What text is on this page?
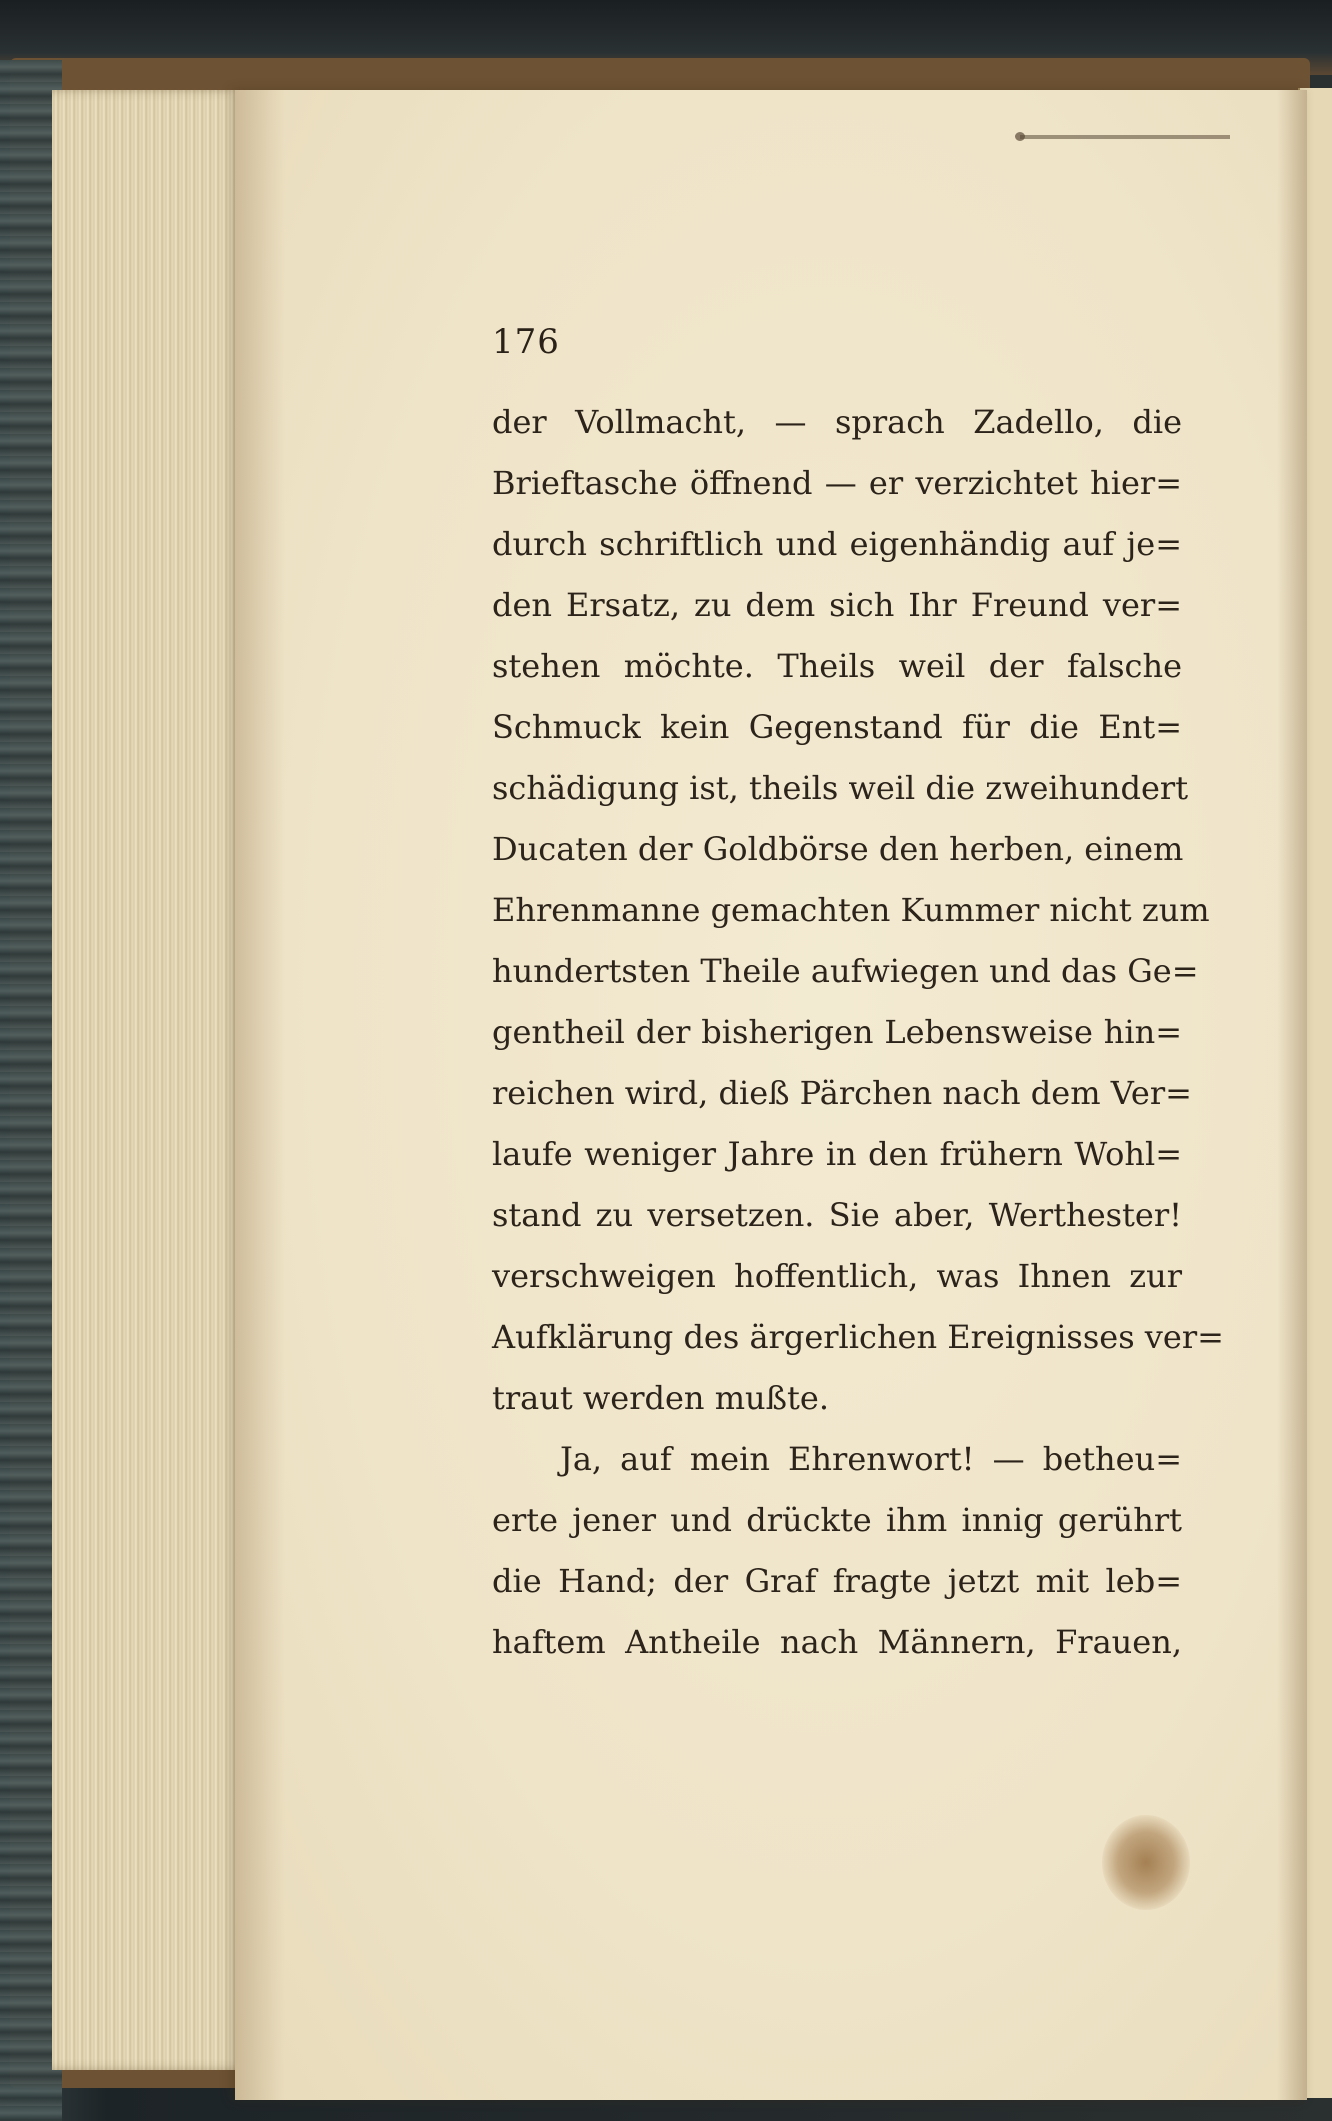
176
der Vollmacht, — sprach Zadello, die
Brieftasche öffnend — er verzichtet hier=
durch schriftlich und eigenhändig auf je=
den Ersatz, zu dem sich Ihr Freund ver=
stehen möchte. Theils weil der falsche
Schmuck kein Gegenstand für die Ent=
schädigung ist, theils weil die zweihundert
Ducaten der Goldbörse den herben, einem
Ehrenmanne gemachten Kummer nicht zum
hundertsten Theile aufwiegen und das Ge=
gentheil der bisherigen Lebensweise hin=
reichen wird, dieß Pärchen nach dem Ver=
laufe weniger Jahre in den frühern Wohl=
stand zu versetzen. Sie aber, Werthester!
verschweigen hoffentlich, was Ihnen zur
Aufklärung des ärgerlichen Ereignisses ver=
traut werden mußte.
Ja, auf mein Ehrenwort! — betheu=
erte jener und drückte ihm innig gerührt
die Hand; der Graf fragte jetzt mit leb=
haftem Antheile nach Männern, Frauen,
